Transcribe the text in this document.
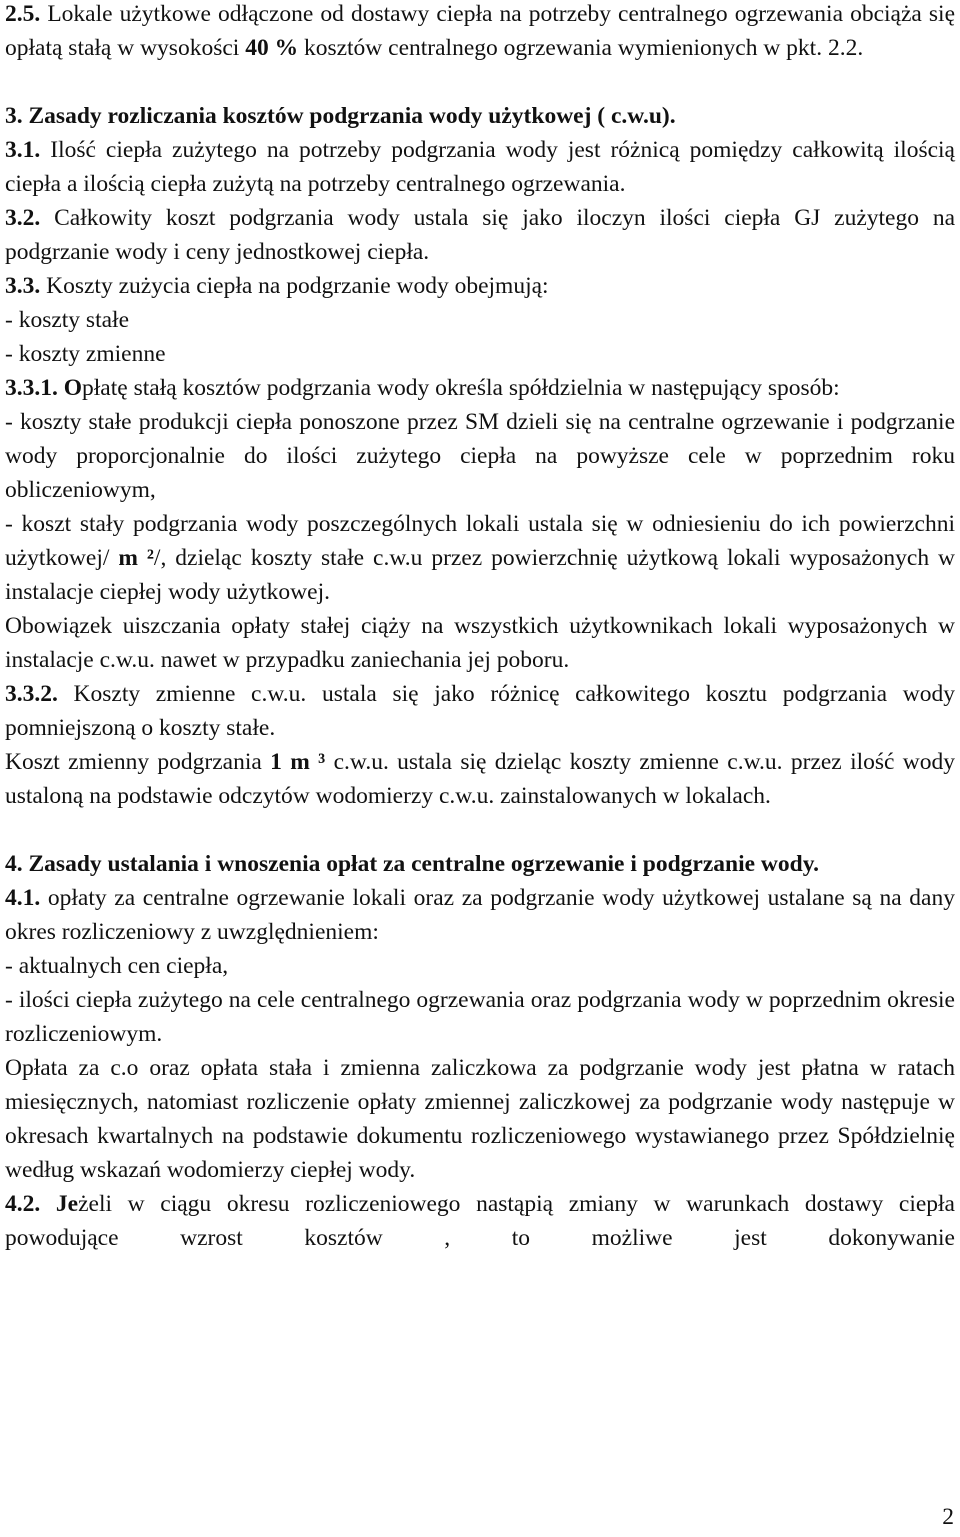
2.5. Lokale użytkowe odłączone od dostawy ciepła na potrzeby centralnego ogrzewania obciąża się opłatą stałą w wysokości 40 % kosztów centralnego ogrzewania wymienionych w pkt. 2.2.

3. Zasady rozliczania kosztów podgrzania wody użytkowej ( c.w.u).

3.1. Ilość ciepła zużytego na potrzeby podgrzania wody jest różnicą pomiędzy całkowitą ilością ciepła a ilością ciepła zużytą na potrzeby centralnego ogrzewania.

3.2. Całkowity koszt podgrzania wody ustala się jako iloczyn ilości ciepła GJ zużytego na podgrzanie wody i ceny jednostkowej ciepła.

3.3. Koszty zużycia ciepła na podgrzanie wody obejmują:

- koszty stałe

- koszty zmienne

3.3.1. Opłatę stałą kosztów podgrzania wody określa spółdzielnia w następujący sposób:

- koszty stałe produkcji ciepła ponoszone przez SM dzieli się na centralne ogrzewanie i podgrzanie wody proporcjonalnie do ilości zużytego ciepła na powyższe cele w poprzednim roku obliczeniowym,

- koszt stały podgrzania wody poszczególnych lokali ustala się w odniesieniu do ich powierzchni użytkowej/ m ²/, dzieląc koszty stałe c.w.u przez powierzchnię użytkową lokali wyposażonych w instalacje ciepłej wody użytkowej.

Obowiązek uiszczania opłaty stałej ciąży na wszystkich użytkownikach lokali wyposażonych w instalacje c.w.u. nawet w przypadku zaniechania jej poboru.

3.3.2. Koszty zmienne c.w.u. ustala się jako różnicę całkowitego kosztu podgrzania wody pomniejszoną o koszty stałe.

Koszt zmienny podgrzania 1 m ³ c.w.u. ustala się dzieląc koszty zmienne c.w.u. przez ilość wody ustaloną na podstawie odczytów wodomierzy c.w.u. zainstalowanych w lokalach.

4. Zasady ustalania i wnoszenia opłat za centralne ogrzewanie i podgrzanie wody.

4.1. opłaty za centralne ogrzewanie lokali oraz za podgrzanie wody użytkowej ustalane są na dany okres rozliczeniowy z uwzględnieniem:

- aktualnych cen ciepła,

- ilości ciepła zużytego na cele centralnego ogrzewania oraz podgrzania wody w poprzednim okresie rozliczeniowym.

Opłata za c.o oraz opłata stała i zmienna zaliczkowa za podgrzanie wody jest płatna w ratach miesięcznych, natomiast rozliczenie opłaty zmiennej zaliczkowej za podgrzanie wody następuje w okresach kwartalnych na podstawie dokumentu rozliczeniowego wystawianego przez Spółdzielnię według wskazań wodomierzy ciepłej wody.

4.2. Jeżeli w ciągu okresu rozliczeniowego nastąpią zmiany w warunkach dostawy ciepła powodujące wzrost kosztów , to możliwe jest dokonywanie

2
